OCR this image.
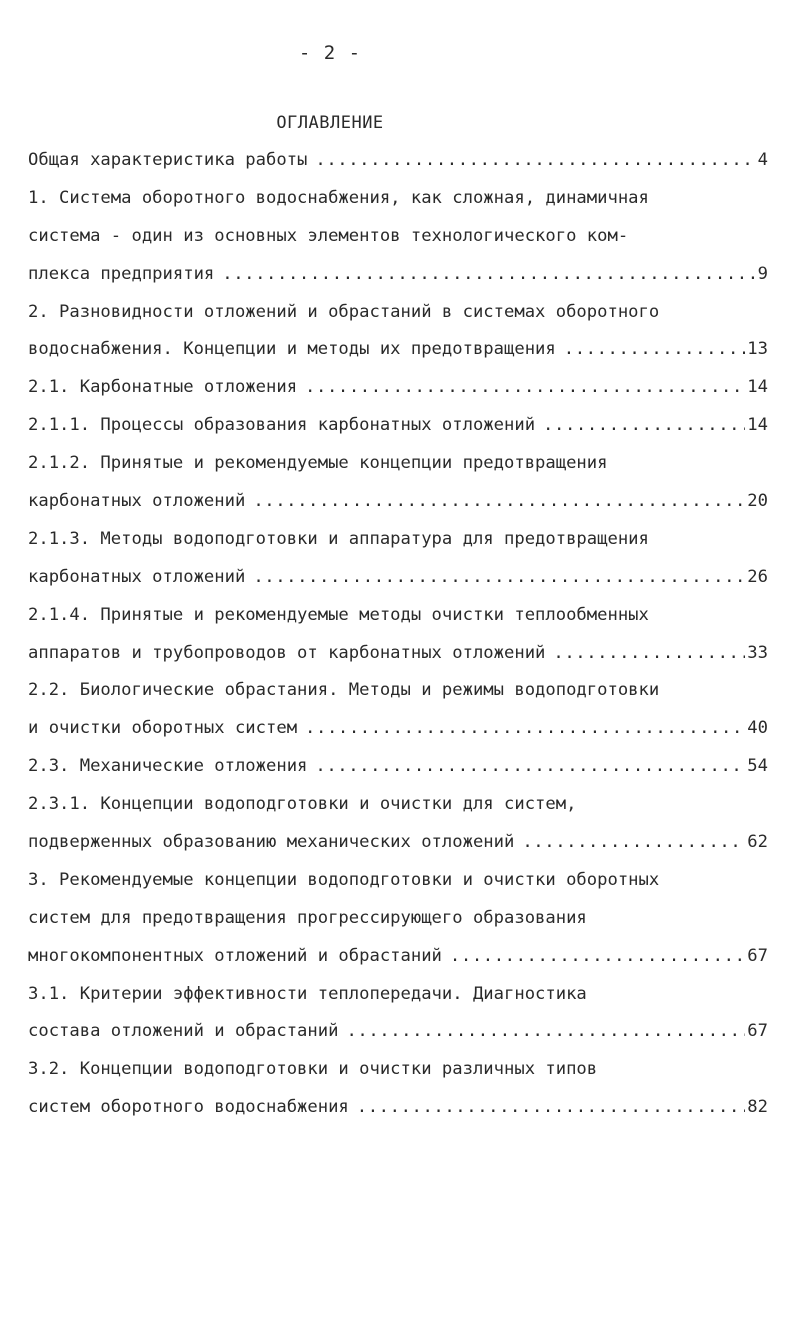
- 2 -
ОГЛАВЛЕНИЕ
Общая характеристика работы .....	4
1. Система оборотного водоснабжения, как сложная, динамичная
система - один из основных элементов технологического ком-
плекса предприятия .....	9
2. Разновидности отложений и обрастаний в системах оборотного
водоснабжения. Концепции и методы их предотвращения .....	13
2.1. Карбонатные отложения .....	14
2.1.1. Процессы образования карбонатных отложений .....	14
2.1.2. Принятые и рекомендуемые концепции предотвращения
карбонатных отложений .....	20
2.1.3. Методы водоподготовки и аппаратура для предотвращения
карбонатных отложений .....	26
2.1.4. Принятые и рекомендуемые методы очистки теплообменных
аппаратов и трубопроводов от карбонатных отложений .....	33
2.2. Биологические обрастания. Методы и режимы водоподготовки
и очистки оборотных систем .....	40
2.3. Механические отложения .....	54
2.3.1. Концепции водоподготовки и очистки для систем,
подверженных образованию механических отложений .....	62
3. Рекомендуемые концепции водоподготовки и очистки оборотных
систем для предотвращения прогрессирующего образования
многокомпонентных отложений и обрастаний .....	67
3.1. Критерии эффективности теплопередачи. Диагностика
состава отложений и обрастаний .....	67
3.2. Концепции водоподготовки и очистки различных типов
систем оборотного водоснабжения .....	82
